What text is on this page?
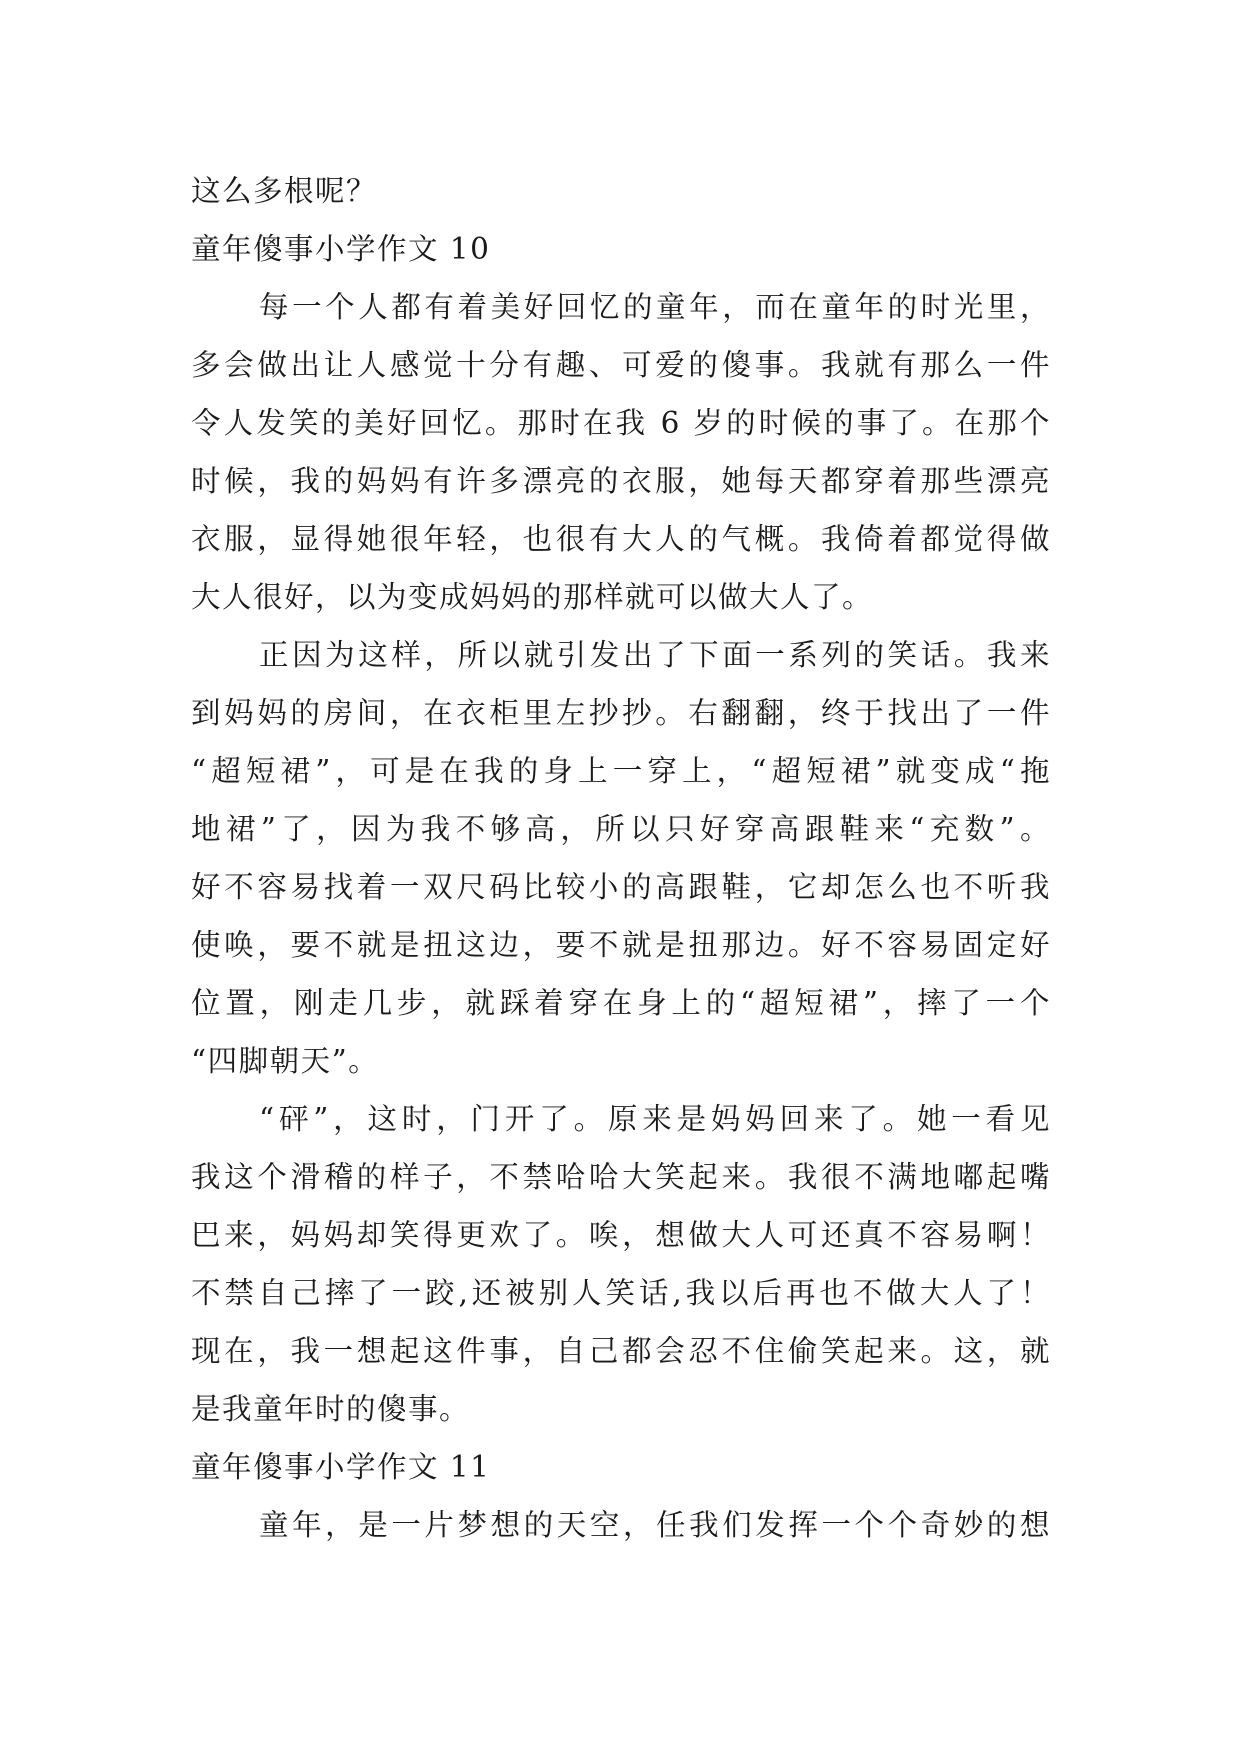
这么多根呢？
童年傻事小学作文 10
每一个人都有着美好回忆的童年，而在童年的时光里，
多会做出让人感觉十分有趣、可爱的傻事。我就有那么一件
令人发笑的美好回忆。那时在我 6 岁的时候的事了。在那个
时候，我的妈妈有许多漂亮的衣服，她每天都穿着那些漂亮
衣服，显得她很年轻，也很有大人的气概。我倚着都觉得做
大人很好，以为变成妈妈的那样就可以做大人了。
正因为这样，所以就引发出了下面一系列的笑话。我来
到妈妈的房间，在衣柜里左抄抄。右翻翻，终于找出了一件
“超短裙”，可是在我的身上一穿上，“超短裙”就变成“拖
地裙”了，因为我不够高，所以只好穿高跟鞋来“充数”。
好不容易找着一双尺码比较小的高跟鞋，它却怎么也不听我
使唤，要不就是扭这边，要不就是扭那边。好不容易固定好
位置，刚走几步，就踩着穿在身上的“超短裙”，摔了一个
“四脚朝天”。
“砰”，这时，门开了。原来是妈妈回来了。她一看见
我这个滑稽的样子，不禁哈哈大笑起来。我很不满地嘟起嘴
巴来，妈妈却笑得更欢了。唉，想做大人可还真不容易啊！
不禁自己摔了一跤,还被别人笑话,我以后再也不做大人了！
现在，我一想起这件事，自己都会忍不住偷笑起来。这，就
是我童年时的傻事。
童年傻事小学作文 11
童年，是一片梦想的天空，任我们发挥一个个奇妙的想
